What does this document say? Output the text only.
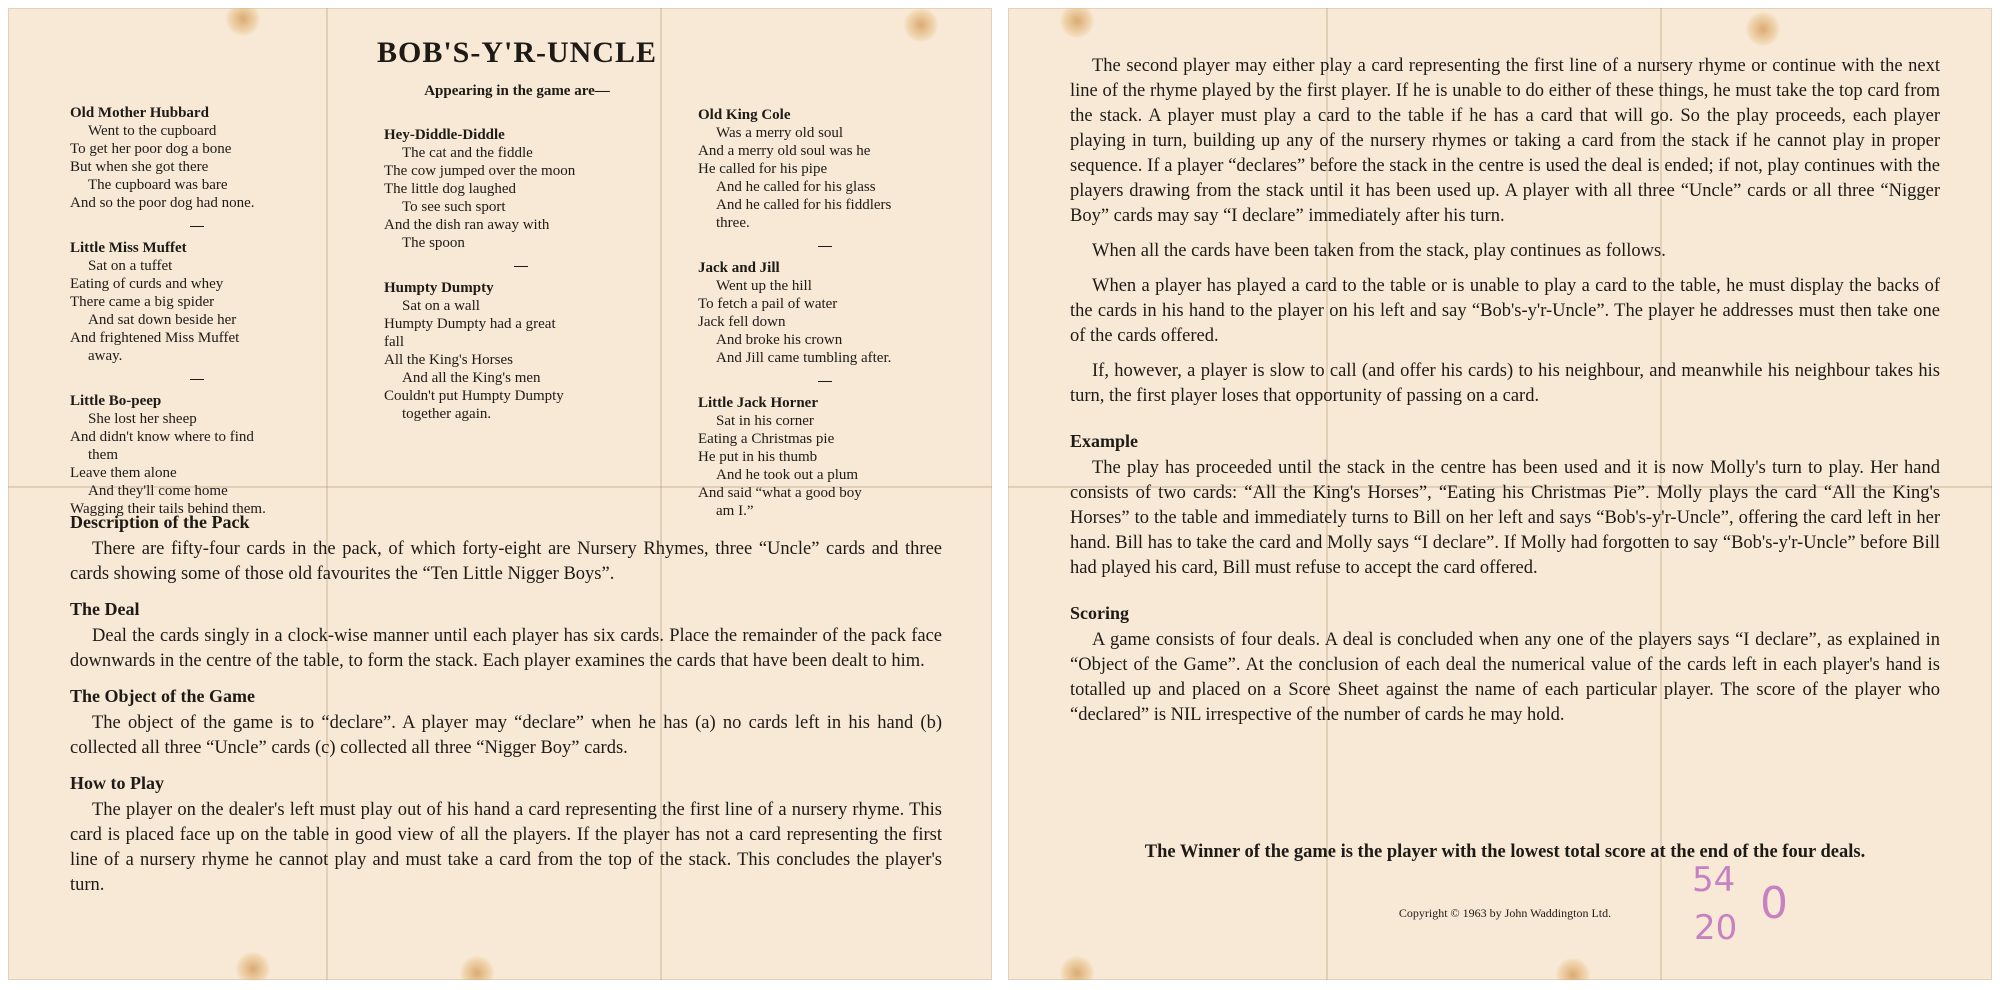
BOB'S-Y'R-UNCLE
Appearing in the game are—
Old Mother Hubbard
Went to the cupboard
To get her poor dog a bone
But when she got there
The cupboard was bare
And so the poor dog had none.
Little Miss Muffet
Sat on a tuffet
Eating of curds and whey
There came a big spider
And sat down beside her
And frightened Miss Muffet
away.
Little Bo-peep
She lost her sheep
And didn't know where to find
them
Leave them alone
And they'll come home
Wagging their tails behind them.
Hey-Diddle-Diddle
The cat and the fiddle
The cow jumped over the moon
The little dog laughed
To see such sport
And the dish ran away with
The spoon
Humpty Dumpty
Sat on a wall
Humpty Dumpty had a great
fall
All the King's Horses
And all the King's men
Couldn't put Humpty Dumpty
together again.
Old King Cole
Was a merry old soul
And a merry old soul was he
He called for his pipe
And he called for his glass
And he called for his fiddlers
three.
Jack and Jill
Went up the hill
To fetch a pail of water
Jack fell down
And broke his crown
And Jill came tumbling after.
Little Jack Horner
Sat in his corner
Eating a Christmas pie
He put in his thumb
And he took out a plum
And said “what a good boy
am I.”
Description of the Pack
There are fifty-four cards in the pack, of which forty-eight are Nursery Rhymes, three “Uncle” cards and three cards showing some of those old favourites the “Ten Little Nigger Boys”.
The Deal
Deal the cards singly in a clock-wise manner until each player has six cards. Place the remainder of the pack face downwards in the centre of the table, to form the stack. Each player examines the cards that have been dealt to him.
The Object of the Game
The object of the game is to “declare”. A player may “declare” when he has (a) no cards left in his hand (b) collected all three “Uncle” cards (c) collected all three “Nigger Boy” cards.
How to Play
The player on the dealer's left must play out of his hand a card representing the first line of a nursery rhyme. This card is placed face up on the table in good view of all the players. If the player has not a card representing the first line of a nursery rhyme he cannot play and must take a card from the top of the stack. This concludes the player's turn.
The second player may either play a card representing the first line of a nursery rhyme or continue with the next line of the rhyme played by the first player. If he is unable to do either of these things, he must take the top card from the stack. A player must play a card to the table if he has a card that will go. So the play proceeds, each player playing in turn, building up any of the nursery rhymes or taking a card from the stack if he cannot play in proper sequence. If a player “declares” before the stack in the centre is used the deal is ended; if not, play continues with the players drawing from the stack until it has been used up. A player with all three “Uncle” cards or all three “Nigger Boy” cards may say “I declare” immediately after his turn.
When all the cards have been taken from the stack, play continues as follows.
When a player has played a card to the table or is unable to play a card to the table, he must display the backs of the cards in his hand to the player on his left and say “Bob's-y'r-Uncle”. The player he addresses must then take one of the cards offered.
If, however, a player is slow to call (and offer his cards) to his neighbour, and meanwhile his neighbour takes his turn, the first player loses that opportunity of passing on a card.
Example
The play has proceeded until the stack in the centre has been used and it is now Molly's turn to play. Her hand consists of two cards: “All the King's Horses”, “Eating his Christmas Pie”. Molly plays the card “All the King's Horses” to the table and immediately turns to Bill on her left and says “Bob's-y'r-Uncle”, offering the card left in her hand. Bill has to take the card and Molly says “I declare”. If Molly had forgotten to say “Bob's-y'r-Uncle” before Bill had played his card, Bill must refuse to accept the card offered.
Scoring
A game consists of four deals. A deal is concluded when any one of the players says “I declare”, as explained in “Object of the Game”. At the conclusion of each deal the numerical value of the cards left in each player's hand is totalled up and placed on a Score Sheet against the name of each particular player. The score of the player who “declared” is NIL irrespective of the number of cards he may hold.
The Winner of the game is the player with the lowest total score at the end of the four deals.
Copyright © 1963 by John Waddington Ltd.
54
20 0
